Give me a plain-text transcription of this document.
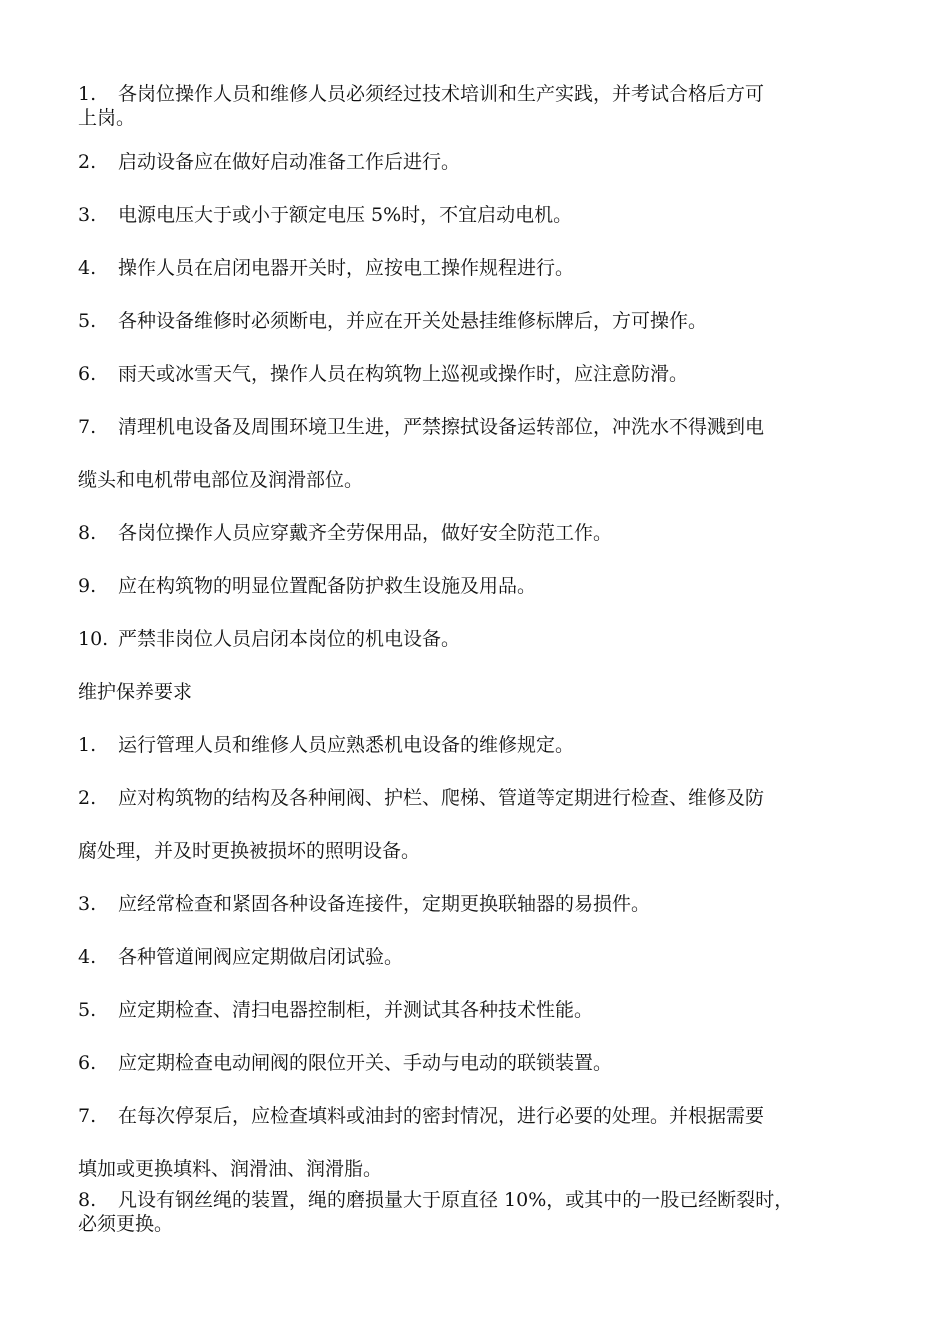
1. 各岗位操作人员和维修人员必须经过技术培训和生产实践，并考试合格后方可
上岗。
2. 启动设备应在做好启动准备工作后进行。
3. 电源电压大于或小于额定电压 5%时，不宜启动电机。
4. 操作人员在启闭电器开关时，应按电工操作规程进行。
5. 各种设备维修时必须断电，并应在开关处悬挂维修标牌后，方可操作。
6. 雨天或冰雪天气，操作人员在构筑物上巡视或操作时，应注意防滑。
7. 清理机电设备及周围环境卫生进，严禁擦拭设备运转部位，冲洗水不得溅到电
缆头和电机带电部位及润滑部位。
8. 各岗位操作人员应穿戴齐全劳保用品，做好安全防范工作。
9. 应在构筑物的明显位置配备防护救生设施及用品。
10. 严禁非岗位人员启闭本岗位的机电设备。
维护保养要求
1. 运行管理人员和维修人员应熟悉机电设备的维修规定。
2. 应对构筑物的结构及各种闸阀、护栏、爬梯、管道等定期进行检查、维修及防
腐处理，并及时更换被损坏的照明设备。
3. 应经常检查和紧固各种设备连接件，定期更换联轴器的易损件。
4. 各种管道闸阀应定期做启闭试验。
5. 应定期检查、清扫电器控制柜，并测试其各种技术性能。
6. 应定期检查电动闸阀的限位开关、手动与电动的联锁装置。
7. 在每次停泵后，应检查填料或油封的密封情况，进行必要的处理。并根据需要
填加或更换填料、润滑油、润滑脂。
8. 凡设有钢丝绳的装置，绳的磨损量大于原直径 10%，或其中的一股已经断裂时，
必须更换。
